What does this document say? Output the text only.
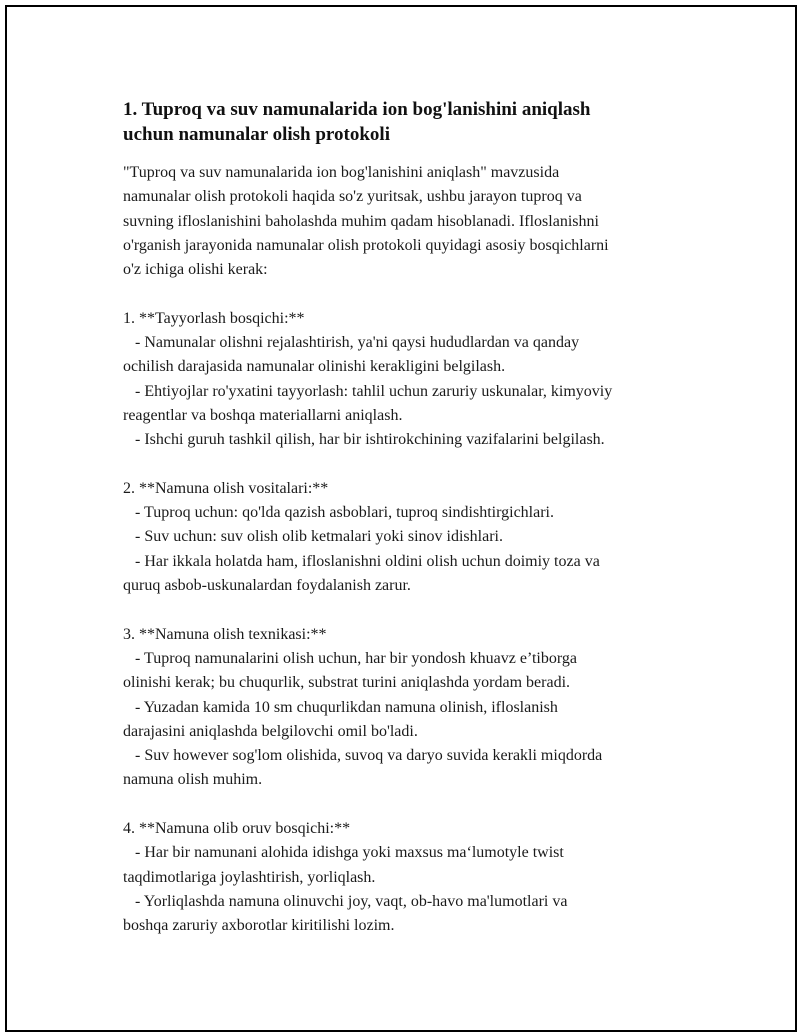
1. Tuproq va suv namunalarida ion bog'lanishini aniqlash
uchun namunalar olish protokoli

"Tuproq va suv namunalarida ion bog'lanishini aniqlash" mavzusida
namunalar olish protokoli haqida so'z yuritsak, ushbu jarayon tuproq va
suvning ifloslanishini baholashda muhim qadam hisoblanadi. Ifloslanishni
o'rganish jarayonida namunalar olish protokoli quyidagi asosiy bosqichlarni
o'z ichiga olishi kerak:

1. **Tayyorlash bosqichi:**

- Namunalar olishni rejalashtirish, ya'ni qaysi hududlardan va qanday
ochilish darajasida namunalar olinishi kerakligini belgilash.

- Ehtiyojlar ro'yxatini tayyorlash: tahlil uchun zaruriy uskunalar, kimyoviy
reagentlar va boshqa materiallarni aniqlash.

- Ishchi guruh tashkil qilish, har bir ishtirokchining vazifalarini belgilash.

2. **Namuna olish vositalari:**

- Tuproq uchun: qo'lda qazish asboblari, tuproq sindishtirgichlari.

- Suv uchun: suv olish olib ketmalari yoki sinov idishlari.

- Har ikkala holatda ham, ifloslanishni oldini olish uchun doimiy toza va
quruq asbob-uskunalardan foydalanish zarur.

3. **Namuna olish texnikasi:**

- Tuproq namunalarini olish uchun, har bir yondosh khuavz e’tiborga
olinishi kerak; bu chuqurlik, substrat turini aniqlashda yordam beradi.

- Yuzadan kamida 10 sm chuqurlikdan namuna olinish, ifloslanish
darajasini aniqlashda belgilovchi omil bo'ladi.

- Suv however sog'lom olishida, suvoq va daryo suvida kerakli miqdorda
namuna olish muhim.

4. **Namuna olib oruv bosqichi:**

- Har bir namunani alohida idishga yoki maxsus ma‘lumotyle twist
taqdimotlariga joylashtirish, yorliqlash.

- Yorliqlashda namuna olinuvchi joy, vaqt, ob-havo ma'lumotlari va
boshqa zaruriy axborotlar kiritilishi lozim.
